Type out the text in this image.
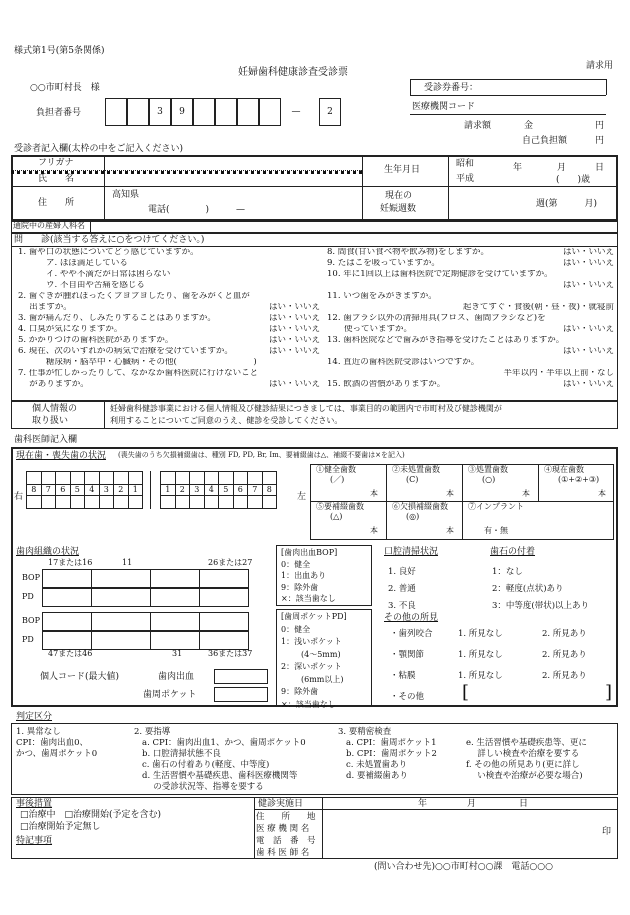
様式第1号(第5条関係)
請求用
妊婦歯科健康診査受診票
○○市町村長　様
負担者番号	3	9	—	2
受診券番号：
医療機関コード
請求額	金	円
自己負担額	円
受診者記入欄(太枠の中をご記入ください)
フリガナ
氏　　名
生年月日
昭和
平成
年	月	日
(　　)歳
住　　所
高知県
電話(　　　　)　　　—
現在の
妊娠週数	週(第　　　月)
通院中の産婦人科名
問　　診(該当する答えに○をつけてください。)
1. 歯や口の状態についてどう感じていますか。
ア. ほぼ満足している
イ. やや不満だが日常は困らない
ウ. 不自由や苦痛を感じる
2. 歯ぐきが腫れぼったくブヨブヨしたり、歯をみがくと血が
　 出ますか。	はい・いいえ
3. 歯が痛んだり、しみたりすることはありますか。	はい・いいえ
4. 口臭が気になりますか。	はい・いいえ
5. かかりつけの歯科医院がありますか。	はい・いいえ
6. 現在、次のいずれかの病気で治療を受けていますか。	はい・いいえ
糖尿病・脳卒中・心臓病・その他(　　　　　　　　　)
7. 仕事が忙しかったりして、なかなか歯科医院に行けないこと
　 がありますか。	はい・いいえ
8. 間食(甘い食べ物や飲み物)をしますか。	はい・いいえ
9. たばこを吸っていますか。	はい・いいえ
10. 年に1回以上は歯科医院で定期健診を受けていますか。
はい・いいえ
11. いつ歯をみがきますか。
起きてすぐ・食後(朝・昼・夜)・就寝前
12. 歯ブラシ以外の清掃用具(フロス、歯間ブラシなど)を
　　使っていますか。	はい・いいえ
13. 歯科医院などで歯みがき指導を受けたことはありますか。
はい・いいえ
14. 直近の歯科医院受診はいつですか。
半年以内・半年以上前・なし
15. 飲酒の習慣がありますか。	はい・いいえ
個人情報の
取り扱い
妊婦歯科健診事業における個人情報及び健診結果につきましては、事業目的の範囲内で市町村及び健診機関が
利用することについてご同意のうえ、健診を受診してください。
歯科医師記入欄
現在歯・喪失歯の状況 (喪失歯のうち欠損補綴歯は、種別 FD, PD, Br, Im、要補綴歯は△、補綴不要歯は×を記入)
右	左
8	7	6	5	4	3	2	1	1	2	3	4	5	6	7	8
①健全歯数
(／)
本
②未処置歯数
(C)
本
③処置歯数
(○)
本
④現在歯数
(①+②+③)
本
⑤要補綴歯数
(△)
本
⑥欠損補綴歯数
(◎)
本
⑦インプラント
有・無
歯肉組織の状況
17または16	11	26または27
BOP
PD
BOP
PD
47または46	31	36または37
個人コード(最大値)	歯肉出血
歯周ポケット
[歯肉出血BOP]
0：健全
1：出血あり
9：除外歯
×：該当歯なし
[歯周ポケットPD]
0：健全
1：浅いポケット
(4～5mm)
2：深いポケット
(6mm以上)
9：除外歯
×：該当歯なし
口腔清掃状況
1. 良好
2. 普通
3. 不良
歯石の付着
1：なし
2：軽度(点状)あり
3：中等度(帯状)以上あり
その他の所見
・歯列咬合	1. 所見なし	2. 所見あり
・顎関節	1. 所見なし	2. 所見あり
・粘膜	1. 所見なし	2. 所見あり
・その他 [	]
判定区分
1. 異常なし
CPI：歯肉出血0、
かつ、歯周ポケット0
2. 要指導
a. CPI：歯肉出血1、かつ、歯周ポケット0
b. 口腔清掃状態不良
c. 歯石の付着あり(軽度、中等度)
d. 生活習慣や基礎疾患、歯科医療機関等
　 の受診状況等、指導を要する
3. 要精密検査
a. CPI：歯周ポケット1
b. CPI：歯周ポケット2
c. 未処置歯あり
d. 要補綴歯あり
e. 生活習慣や基礎疾患等、更に
　 詳しい検査や治療を要する
f. その他の所見あり(更に詳し
　 い検査や治療が必要な場合)
事後措置
□治療中　□治療開始(予定を含む)
□治療開始予定無し
特記事項
健診実施日	年	月	日
住　　所　　地
医 療 機 関 名
電　話　番　号
歯 科 医 師 名
印
(問い合わせ先)○○市町村○○課　電話○○○
